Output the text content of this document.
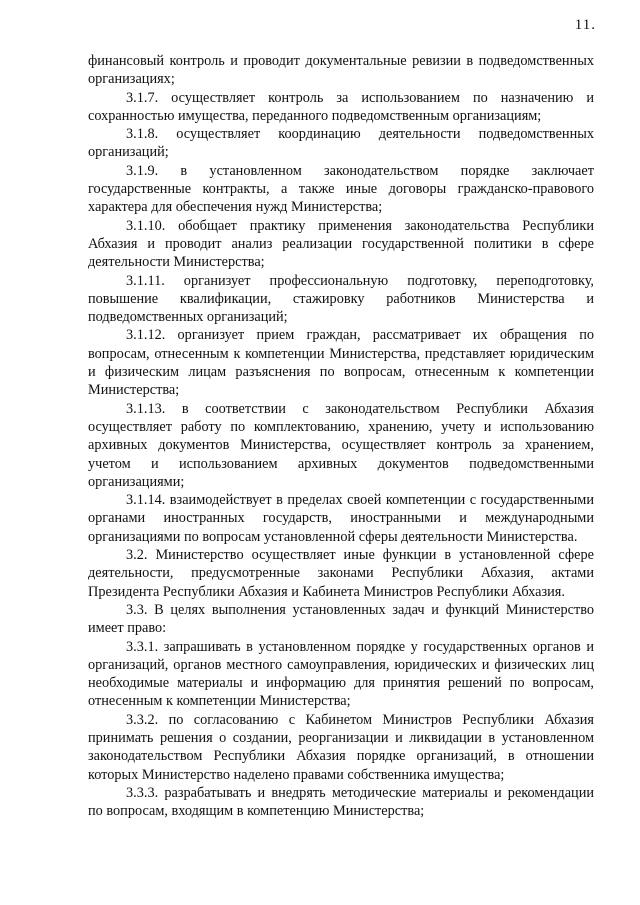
11.

финансовый контроль и проводит документальные ревизии в подведомственных организациях;

3.1.7. осуществляет контроль за использованием по назначению и сохранностью имущества, переданного подведомственным организациям;

3.1.8. осуществляет координацию деятельности подведомственных организаций;

3.1.9. в установленном законодательством порядке заключает государственные контракты, а также иные договоры гражданско-правового характера для обеспечения нужд Министерства;

3.1.10. обобщает практику применения законодательства Республики Абхазия и проводит анализ реализации государственной политики в сфере деятельности Министерства;

3.1.11. организует профессиональную подготовку, переподготовку, повышение квалификации, стажировку работников Министерства и подведомственных организаций;

3.1.12. организует прием граждан, рассматривает их обращения по вопросам, отнесенным к компетенции Министерства, представляет юридическим и физическим лицам разъяснения по вопросам, отнесенным к компетенции Министерства;

3.1.13. в соответствии с законодательством Республики Абхазия осуществляет работу по комплектованию, хранению, учету и использованию архивных документов Министерства, осуществляет контроль за хранением, учетом и использованием архивных документов подведомственными организациями;

3.1.14. взаимодействует в пределах своей компетенции с государственными органами иностранных государств, иностранными и международными организациями по вопросам установленной сферы деятельности Министерства.

3.2. Министерство осуществляет иные функции в установленной сфере деятельности, предусмотренные законами Республики Абхазия, актами Президента Республики Абхазия и Кабинета Министров Республики Абхазия.

3.3. В целях выполнения установленных задач и функций Министерство имеет право:

3.3.1. запрашивать в установленном порядке у государственных органов и организаций, органов местного самоуправления, юридических и физических лиц необходимые материалы и информацию для принятия решений по вопросам, отнесенным к компетенции Министерства;

3.3.2. по согласованию с Кабинетом Министров Республики Абхазия принимать решения о создании, реорганизации и ликвидации в установленном законодательством Республики Абхазия порядке организаций, в отношении которых Министерство наделено правами собственника имущества;

3.3.3. разрабатывать и внедрять методические материалы и рекомендации по вопросам, входящим в компетенцию Министерства;
